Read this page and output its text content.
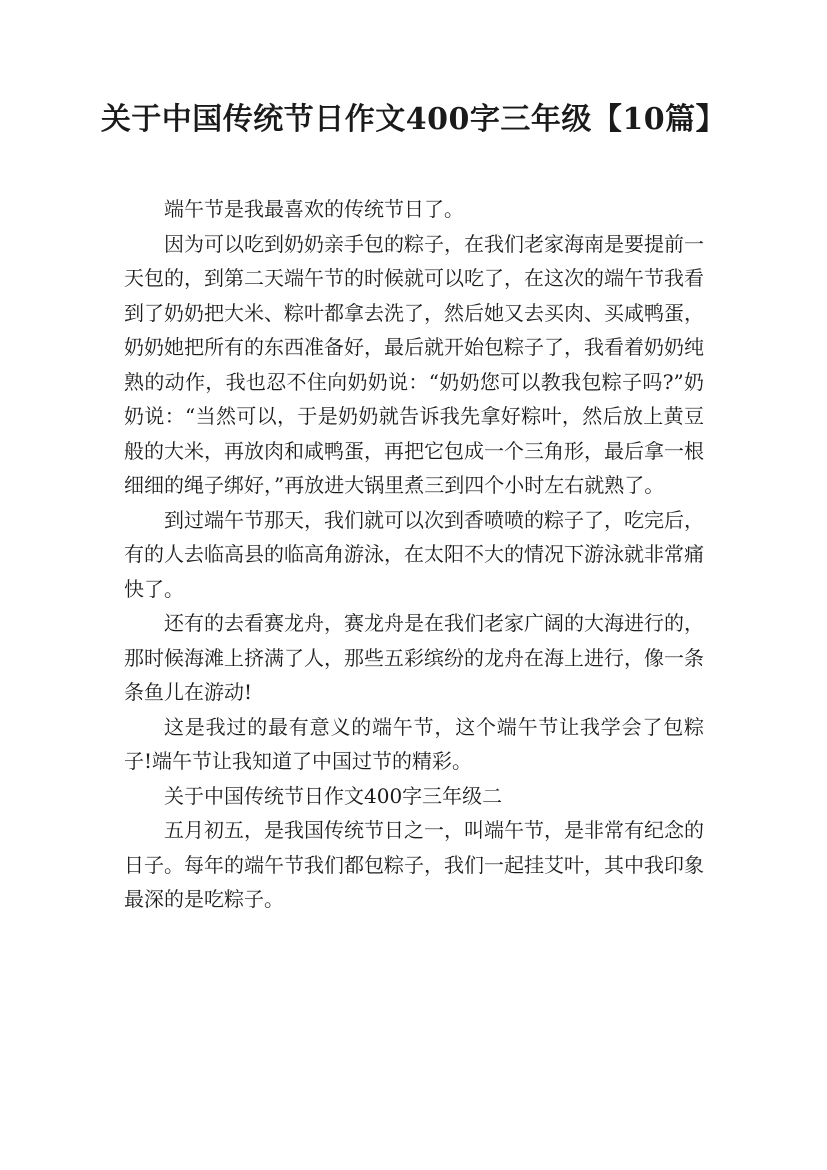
关于中国传统节日作文400字三年级【10篇】

端午节是我最喜欢的传统节日了。

因为可以吃到奶奶亲手包的粽子，在我们老家海南是要提前一天包的，到第二天端午节的时候就可以吃了，在这次的端午节我看到了奶奶把大米、粽叶都拿去洗了，然后她又去买肉、买咸鸭蛋，奶奶她把所有的东西准备好，最后就开始包粽子了，我看着奶奶纯熟的动作，我也忍不住向奶奶说：“奶奶您可以教我包粽子吗?”奶奶说：“当然可以，于是奶奶就告诉我先拿好粽叶，然后放上黄豆般的大米，再放肉和咸鸭蛋，再把它包成一个三角形，最后拿一根细细的绳子绑好，”再放进大锅里煮三到四个小时左右就熟了。

到过端午节那天，我们就可以次到香喷喷的粽子了，吃完后，有的人去临高县的临高角游泳，在太阳不大的情况下游泳就非常痛快了。

还有的去看赛龙舟，赛龙舟是在我们老家广阔的大海进行的，那时候海滩上挤满了人，那些五彩缤纷的龙舟在海上进行，像一条条鱼儿在游动!

这是我过的最有意义的端午节，这个端午节让我学会了包粽子!端午节让我知道了中国过节的精彩。

关于中国传统节日作文400字三年级二

五月初五，是我国传统节日之一，叫端午节，是非常有纪念的日子。每年的端午节我们都包粽子，我们一起挂艾叶，其中我印象最深的是吃粽子。
